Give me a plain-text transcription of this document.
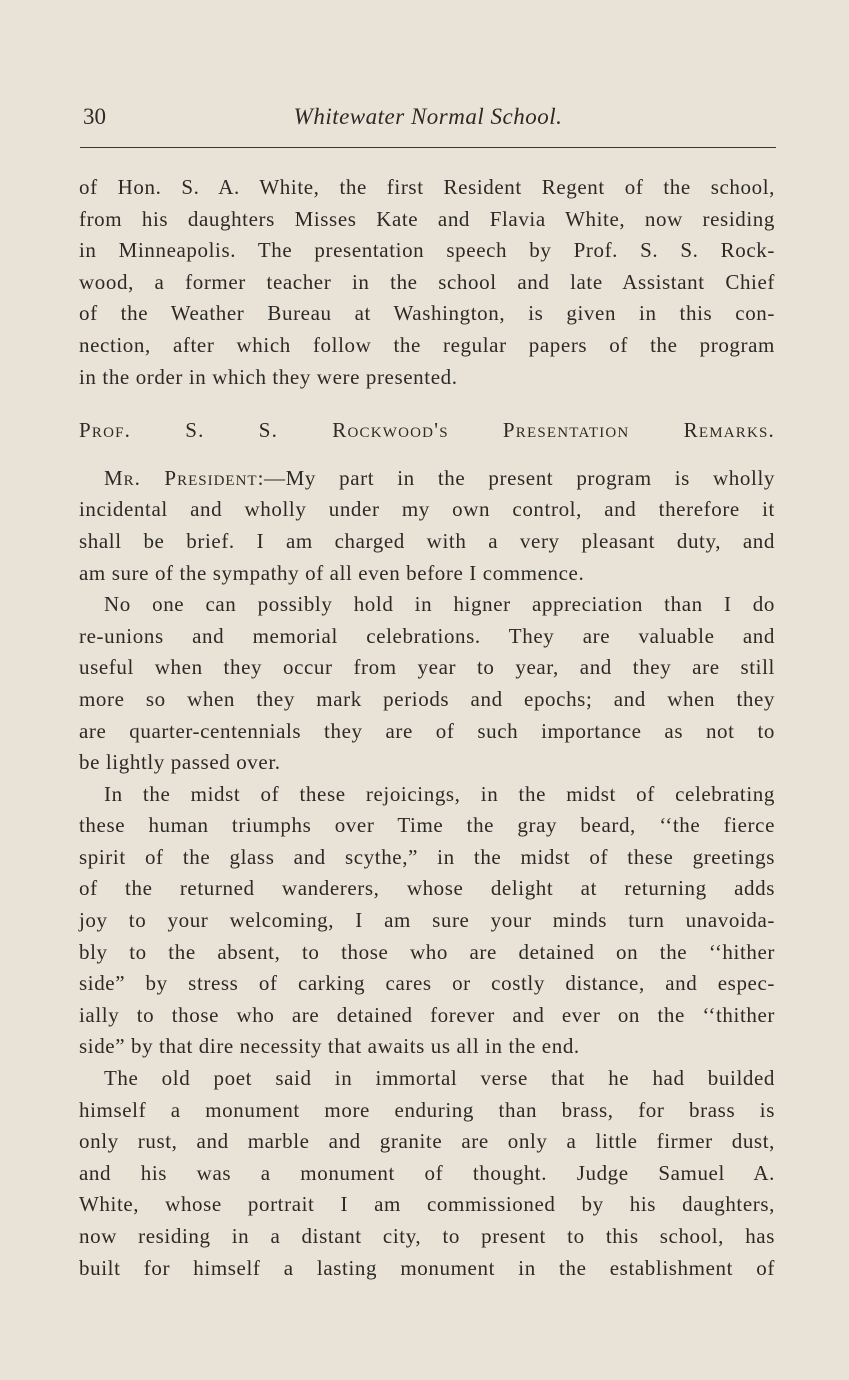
30	Whitewater Normal School.

of Hon. S. A. White, the first Resident Regent of the school,

from his daughters Misses Kate and Flavia White, now residing

in Minneapolis. The presentation speech by Prof. S. S. Rock-

wood, a former teacher in the school and late Assistant Chief

of the Weather Bureau at Washington, is given in this con-

nection, after which follow the regular papers of the program

in the order in which they were presented.

Prof. S. S. Rockwood's Presentation Remarks.

Mr. President:—My part in the present program is wholly

incidental and wholly under my own control, and therefore it

shall be brief. I am charged with a very pleasant duty, and

am sure of the sympathy of all even before I commence.

No one can possibly hold in higner appreciation than I do

re-unions and memorial celebrations. They are valuable and

useful when they occur from year to year, and they are still

more so when they mark periods and epochs; and when they

are quarter-centennials they are of such importance as not to

be lightly passed over.

In the midst of these rejoicings, in the midst of celebrating

these human triumphs over Time the gray beard, ‘‘the fierce

spirit of the glass and scythe,” in the midst of these greetings

of the returned wanderers, whose delight at returning adds

joy to your welcoming, I am sure your minds turn unavoida-

bly to the absent, to those who are detained on the ‘‘hither

side” by stress of carking cares or costly distance, and espec-

ially to those who are detained forever and ever on the ‘‘thither

side” by that dire necessity that awaits us all in the end.

The old poet said in immortal verse that he had builded

himself a monument more enduring than brass, for brass is

only rust, and marble and granite are only a little firmer dust,

and his was a monument of thought. Judge Samuel A.

White, whose portrait I am commissioned by his daughters,

now residing in a distant city, to present to this school, has

built for himself a lasting monument in the establishment of
